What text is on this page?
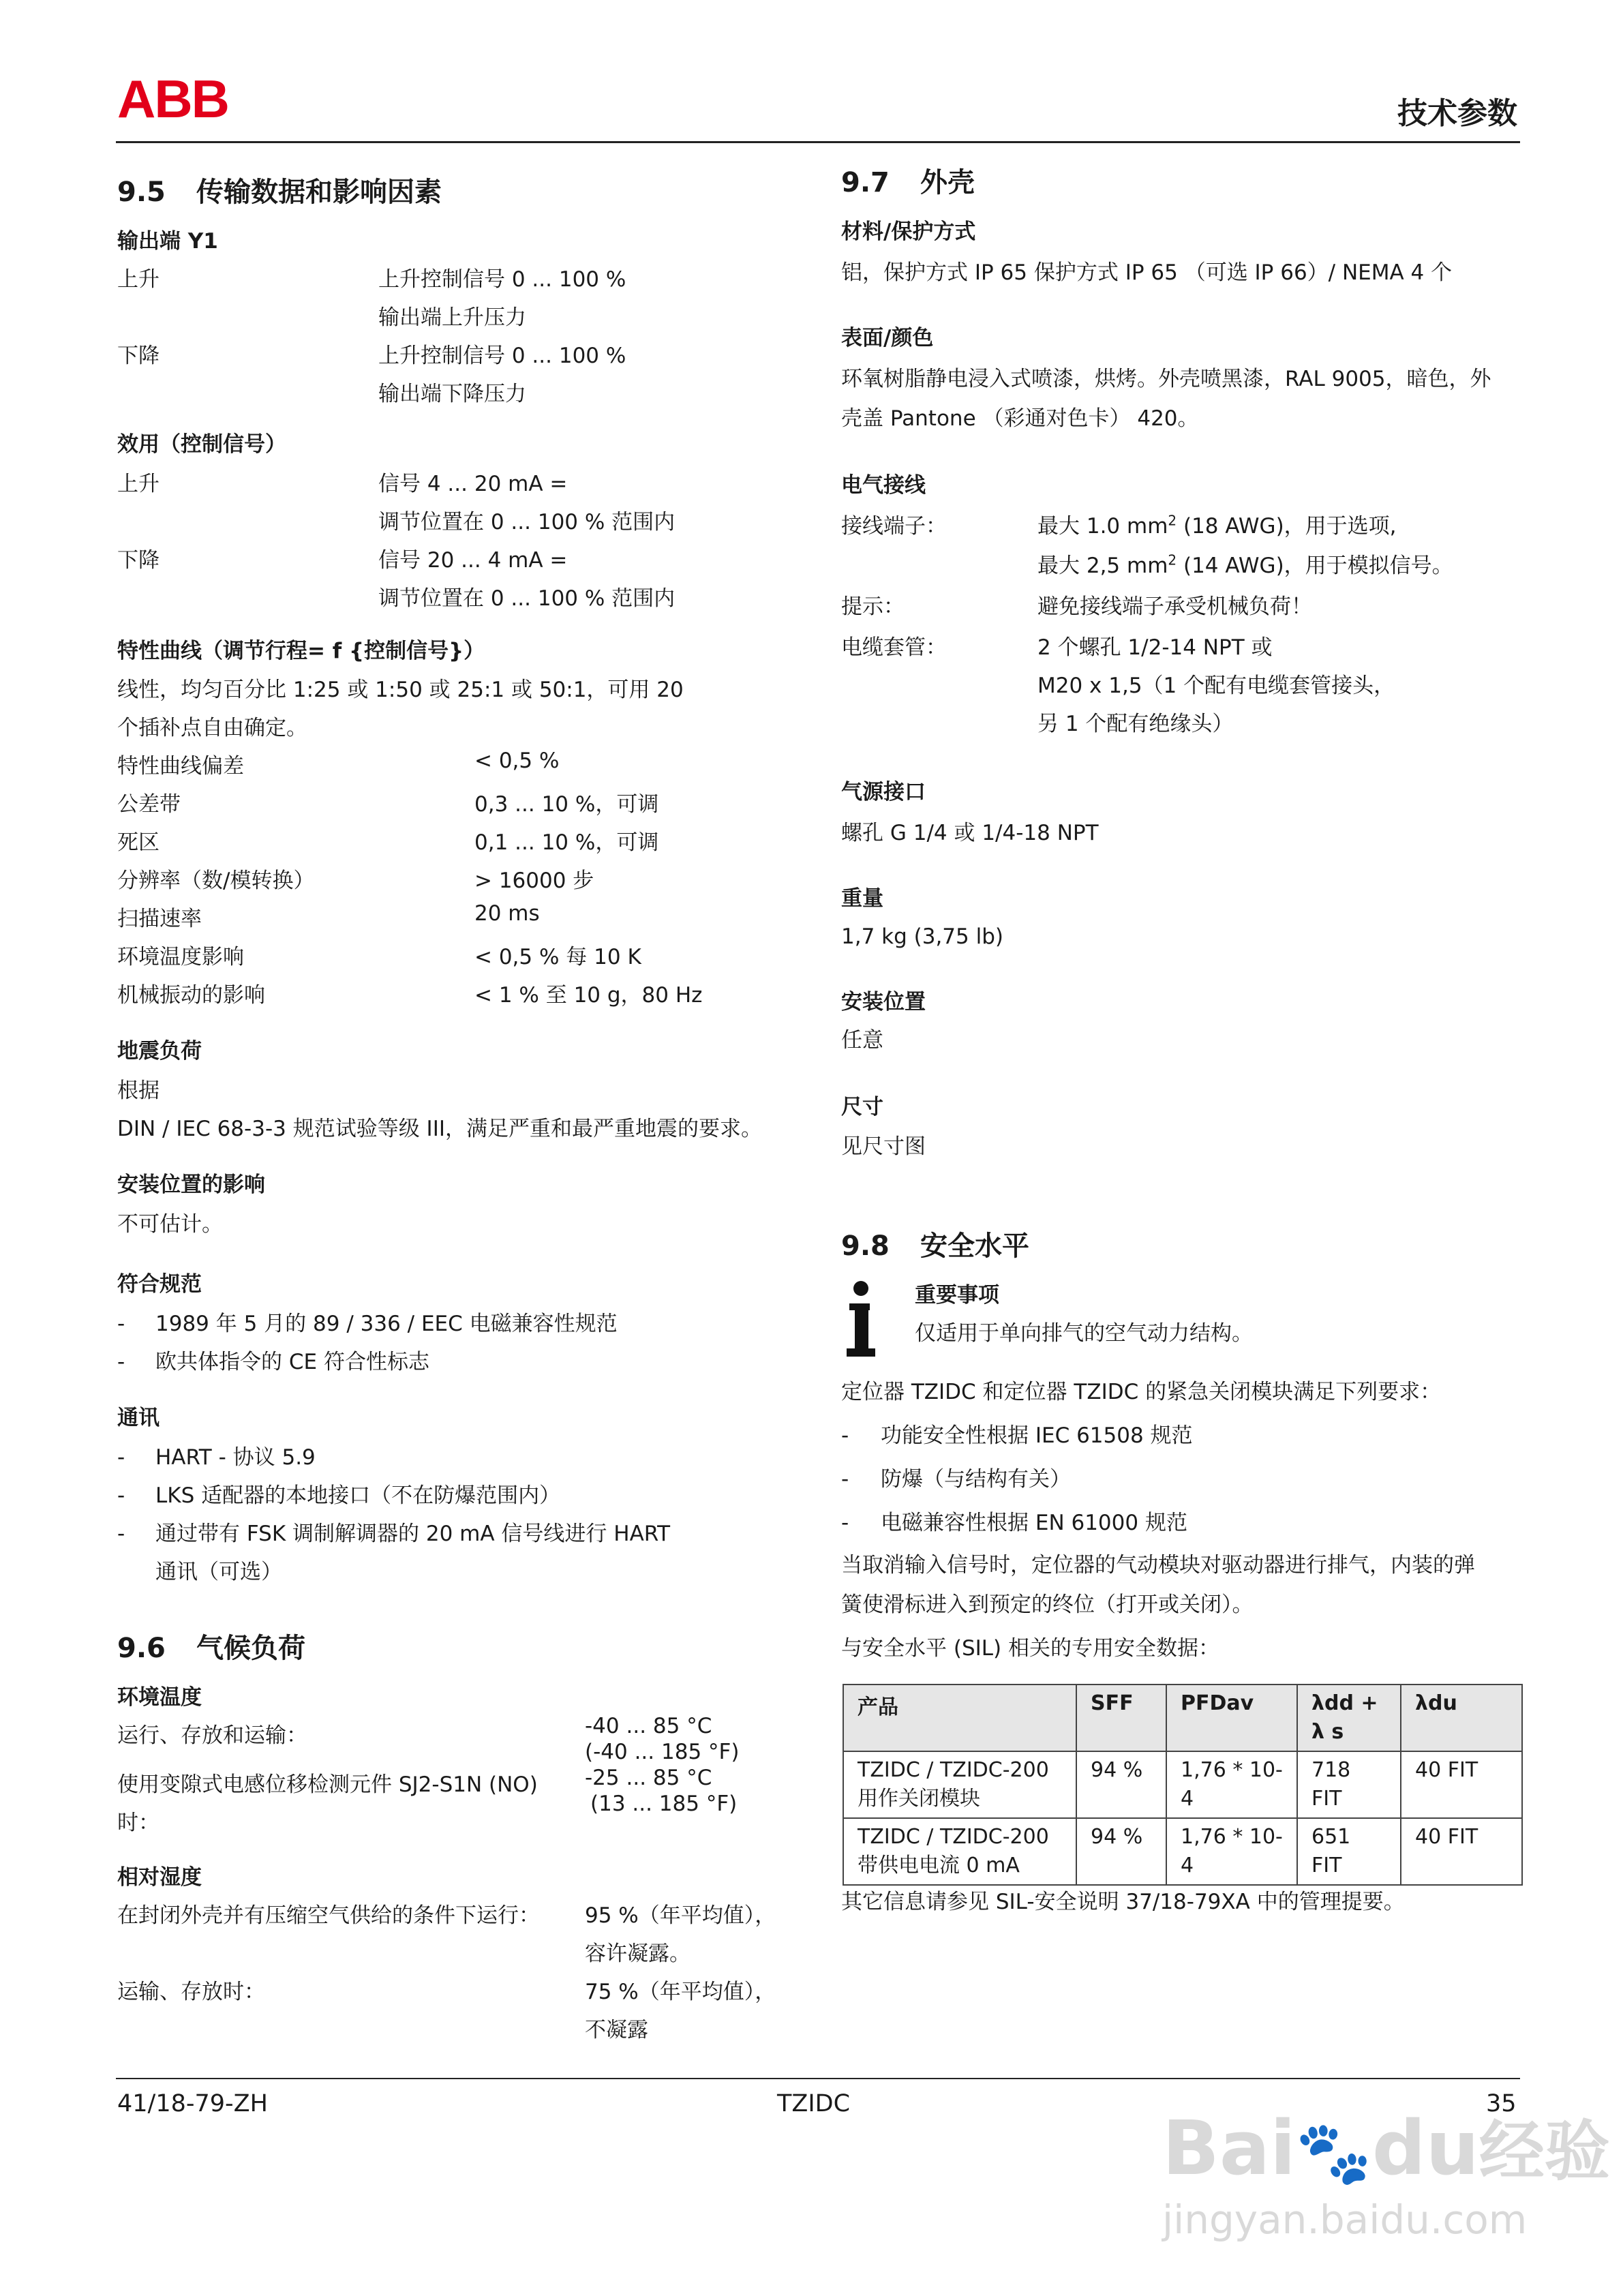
ABB	技术参数
9.5 传输数据和影响因素
输出端 Y1
上升	上升控制信号 0 ... 100 %
输出端上升压力
下降	上升控制信号 0 ... 100 %
输出端下降压力
效用（控制信号）
上升	信号 4 ... 20 mA =
调节位置在 0 ... 100 % 范围内
下降	信号 20 ... 4 mA =
调节位置在 0 ... 100 % 范围内
特性曲线（调节行程= f {控制信号}）
线性，均匀百分比 1:25 或 1:50 或 25:1 或 50:1，可用 20
个插补点自由确定。
特性曲线偏差	< 0,5 %
公差带	0,3 ... 10 %，可调
死区	0,1 ... 10 %，可调
分辨率（数/模转换）	> 16000 步
扫描速率	20 ms
环境温度影响	< 0,5 % 每 10 K
机械振动的影响	< 1 % 至 10 g，80 Hz
地震负荷
根据
DIN / IEC 68-3-3 规范试验等级 III，满足严重和最严重地震的要求。
安装位置的影响
不可估计。
符合规范
- 1989 年 5 月的 89 / 336 / EEC 电磁兼容性规范
- 欧共体指令的 CE 符合性标志
通讯
- HART - 协议 5.9
- LKS 适配器的本地接口（不在防爆范围内）
- 通过带有 FSK 调制解调器的 20 mA 信号线进行 HART
通讯（可选）
9.6 气候负荷
环境温度
运行、存放和运输：	-40 ... 85 °C
(-40 ... 185 °F)
使用变隙式电感位移检测元件 SJ2-S1N (NO)
时：
-25 ... 85 °C
(13 ... 185 °F)
相对湿度
在封闭外壳并有压缩空气供给的条件下运行： 95 %（年平均值），
容许凝露。
运输、存放时：	75 %（年平均值），
不凝露
9.7 外壳
材料/保护方式
铝，保护方式 IP 65 保护方式 IP 65 （可选 IP 66）/ NEMA 4 个
表面/颜色
环氧树脂静电浸入式喷漆，烘烤。外壳喷黑漆，RAL 9005，暗色，外
壳盖 Pantone （彩通对色卡） 420。
电气接线
接线端子：	最大 1.0 $mm^2$ (18 AWG)，用于选项,
最大 2,5 $mm^2$ (14 AWG)，用于模拟信号。
提示：	避免接线端子承受机械负荷！
电缆套管：	2 个螺孔 1/2-14 NPT 或
M20 x 1,5（1 个配有电缆套管接头，
另 1 个配有绝缘头）
气源接口
螺孔 G 1/4 或 1/4-18 NPT
重量
1,7 kg (3,75 lb)
安装位置
任意
尺寸
见尺寸图
9.8 安全水平
重要事项
仅适用于单向排气的空气动力结构。
定位器 TZIDC 和定位器 TZIDC 的紧急关闭模块满足下列要求：
- 功能安全性根据 IEC 61508 规范
- 防爆（与结构有关）
- 电磁兼容性根据 EN 61000 规范
当取消输入信号时，定位器的气动模块对驱动器进行排气，内装的弹
簧使滑标进入到预定的终位（打开或关闭）。
与安全水平 (SIL) 相关的专用安全数据：
产品	SFF	PFDav	λdd + λ s	λdu
TZIDC / TZIDC-200 用作关闭模块	94 %	1,76 * 10-4	718 FIT	40 FIT
TZIDC / TZIDC-200 带供电电流 0 mA	94 %	1,76 * 10-4	651 FIT	40 FIT
其它信息请参见 SIL-安全说明 37/18-79XA 中的管理提要。
41/18-79-ZH	TZIDC	35
Bai🐾du经验
jingyan.baidu.com
